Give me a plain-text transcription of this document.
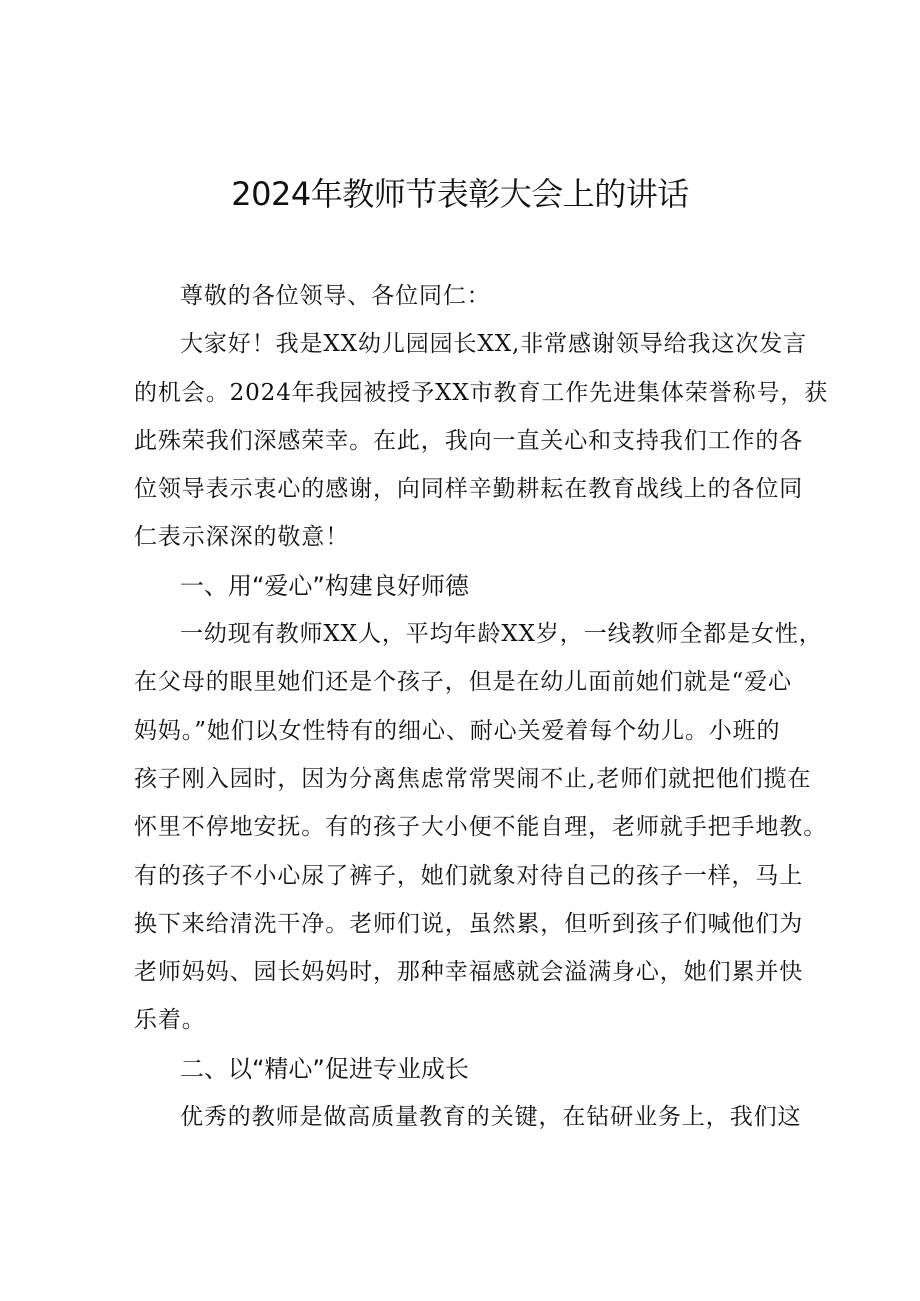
2024年教师节表彰大会上的讲话
尊敬的各位领导、各位同仁：
大家好！我是XX幼儿园园长XX,非常感谢领导给我这次发言
的机会。2024年我园被授予XX市教育工作先进集体荣誉称号，获
此殊荣我们深感荣幸。在此，我向一直关心和支持我们工作的各
位领导表示衷心的感谢，向同样辛勤耕耘在教育战线上的各位同
仁表示深深的敬意！
一、用“爱心”构建良好师德
一幼现有教师XX人，平均年龄XX岁，一线教师全都是女性，
在父母的眼里她们还是个孩子，但是在幼儿面前她们就是“爱心
妈妈。”她们以女性特有的细心、耐心关爱着每个幼儿。小班的
孩子刚入园时，因为分离焦虑常常哭闹不止,老师们就把他们揽在
怀里不停地安抚。有的孩子大小便不能自理，老师就手把手地教。
有的孩子不小心尿了裤子，她们就象对待自己的孩子一样，马上
换下来给清洗干净。老师们说，虽然累，但听到孩子们喊他们为
老师妈妈、园长妈妈时，那种幸福感就会溢满身心，她们累并快
乐着。
二、以“精心”促进专业成长
优秀的教师是做高质量教育的关键，在钻研业务上，我们这
